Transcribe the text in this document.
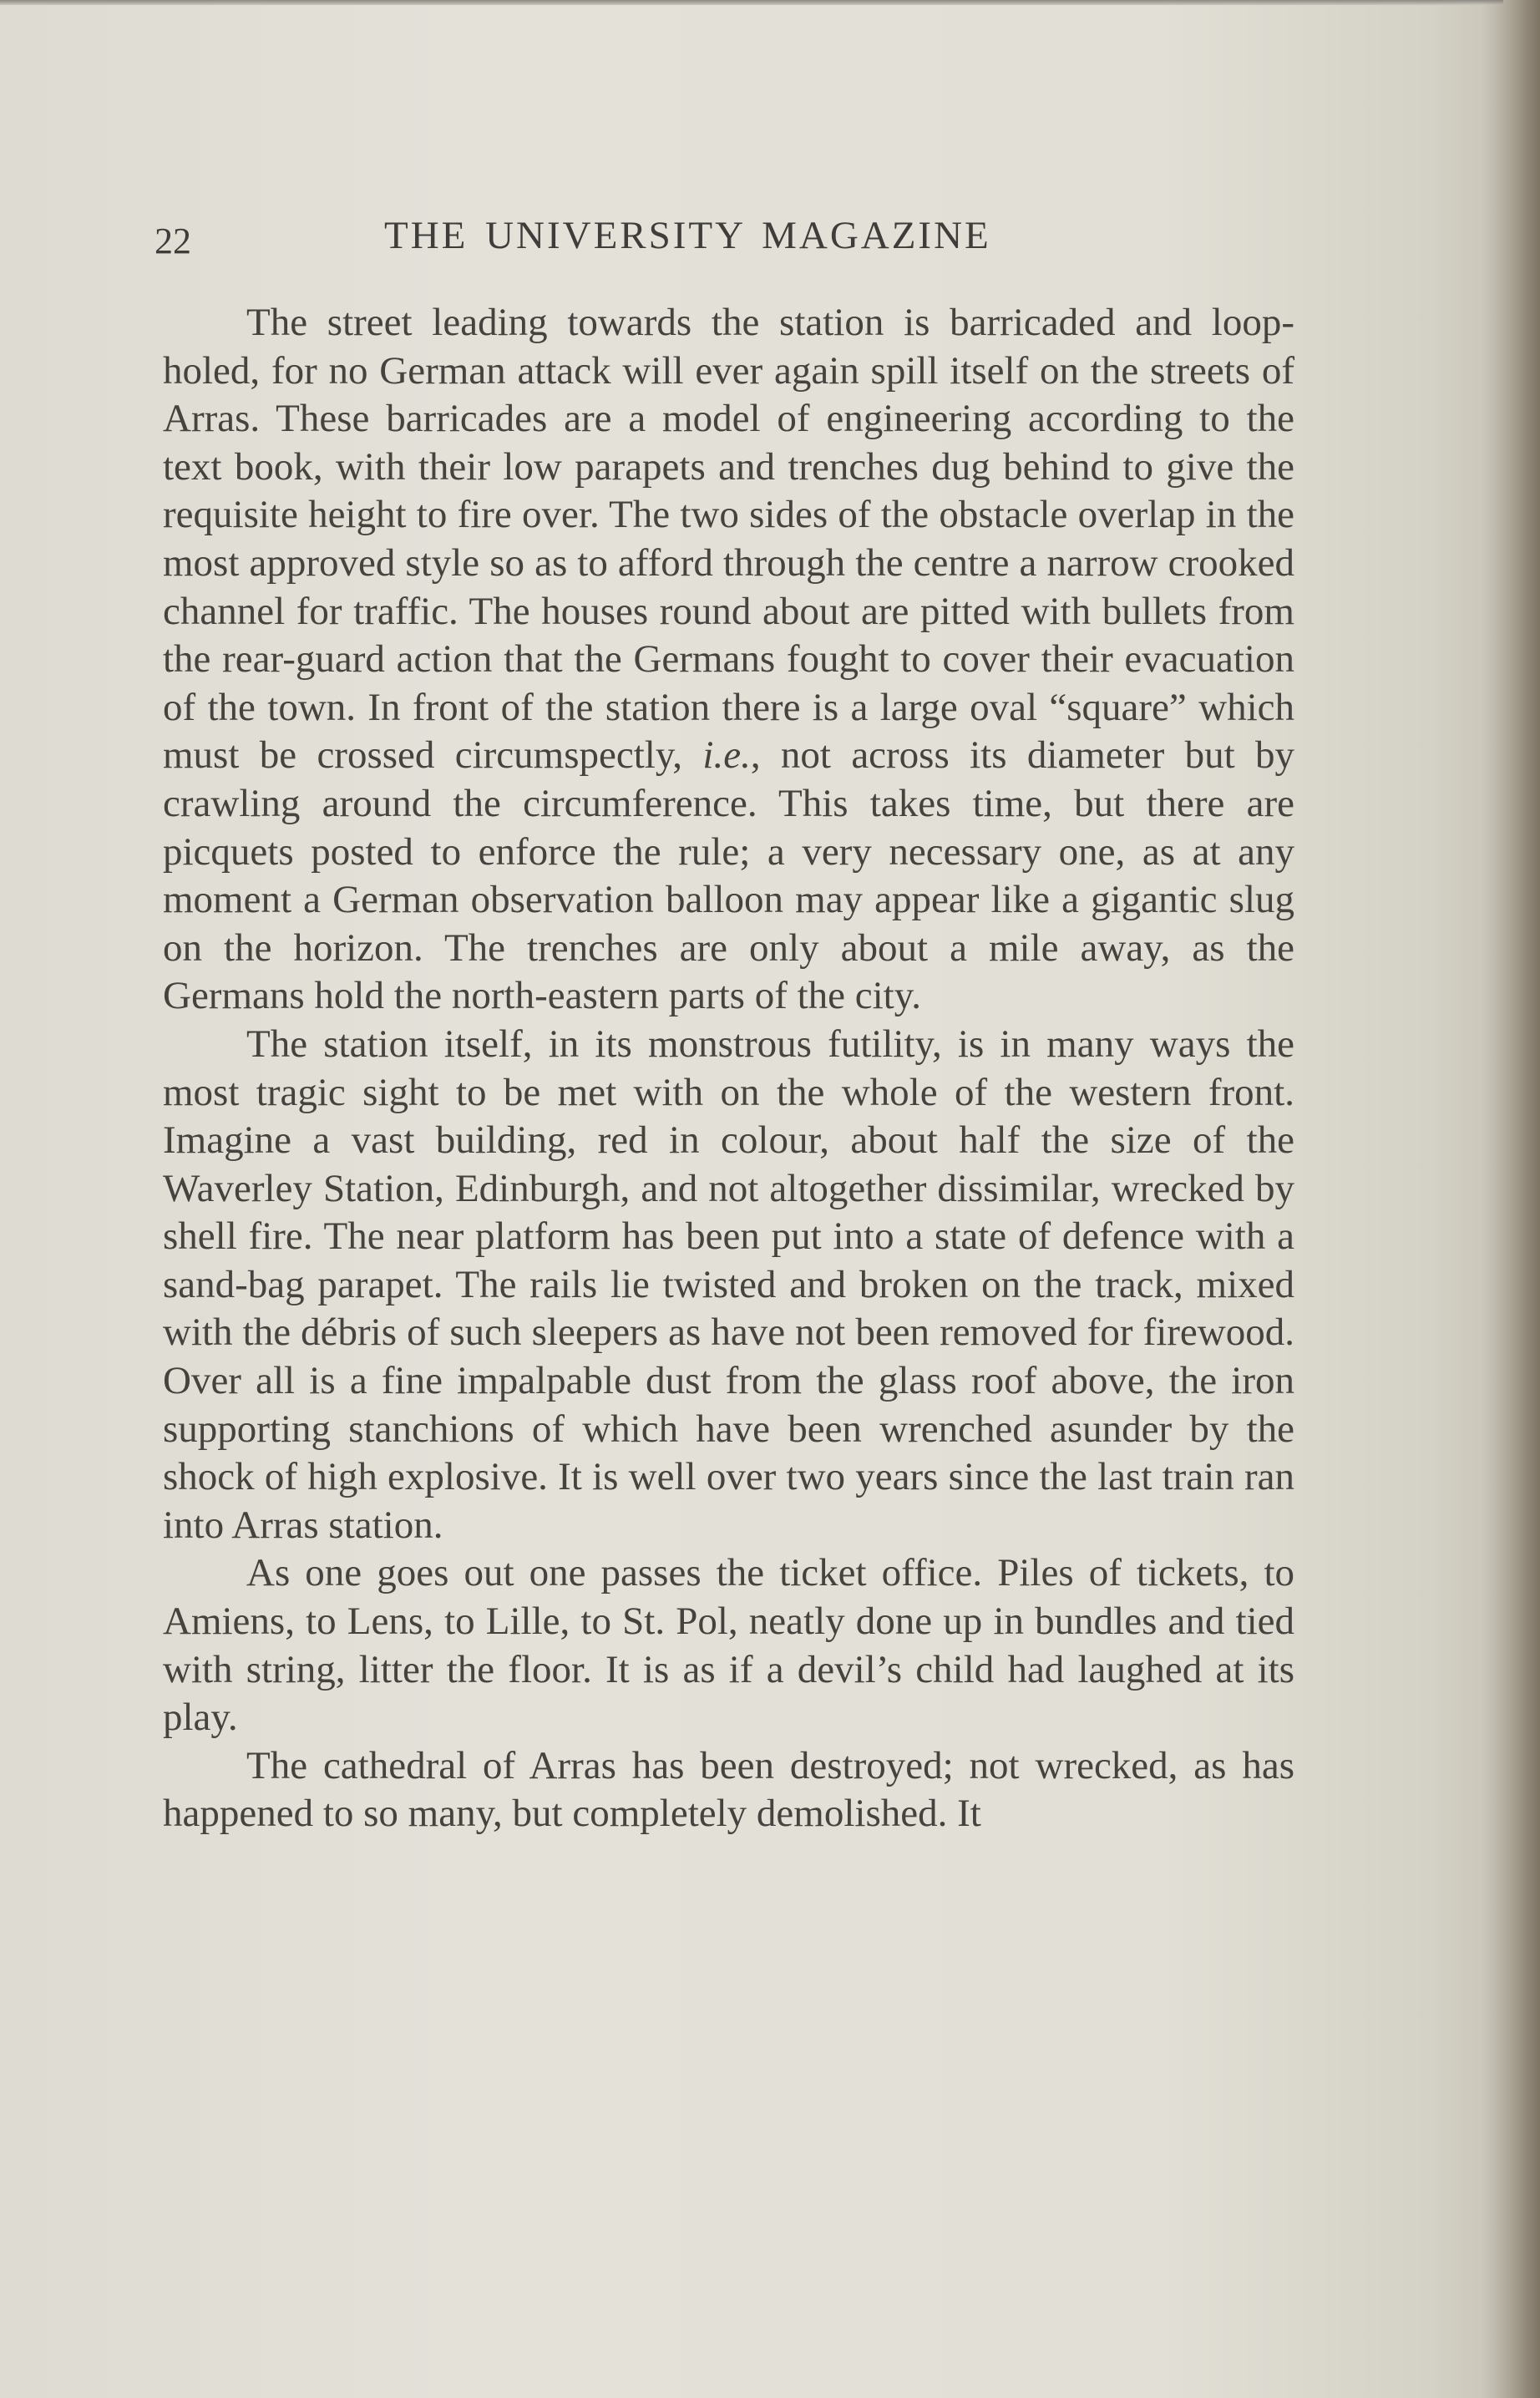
22	THE UNIVERSITY MAGAZINE

The street leading towards the station is barricaded and loop-holed, for no German attack will ever again spill itself on the streets of Arras. These barricades are a model of engineering according to the text book, with their low parapets and trenches dug behind to give the requisite height to fire over. The two sides of the obstacle overlap in the most approved style so as to afford through the centre a narrow crooked channel for traffic. The houses round about are pitted with bullets from the rear-guard action that the Germans fought to cover their evacuation of the town. In front of the station there is a large oval “square” which must be crossed circumspectly, i.e., not across its diameter but by crawling around the circumference. This takes time, but there are picquets posted to enforce the rule; a very necessary one, as at any moment a German observation balloon may appear like a gigantic slug on the horizon. The trenches are only about a mile away, as the Germans hold the north-eastern parts of the city.

The station itself, in its monstrous futility, is in many ways the most tragic sight to be met with on the whole of the western front. Imagine a vast building, red in colour, about half the size of the Waverley Station, Edinburgh, and not altogether dissimilar, wrecked by shell fire. The near platform has been put into a state of defence with a sand-bag parapet. The rails lie twisted and broken on the track, mixed with the débris of such sleepers as have not been removed for firewood. Over all is a fine impalpable dust from the glass roof above, the iron supporting stanchions of which have been wrenched asunder by the shock of high explosive. It is well over two years since the last train ran into Arras station.

As one goes out one passes the ticket office. Piles of tickets, to Amiens, to Lens, to Lille, to St. Pol, neatly done up in bundles and tied with string, litter the floor. It is as if a devil’s child had laughed at its play.

The cathedral of Arras has been destroyed; not wrecked, as has happened to so many, but completely demolished. It
